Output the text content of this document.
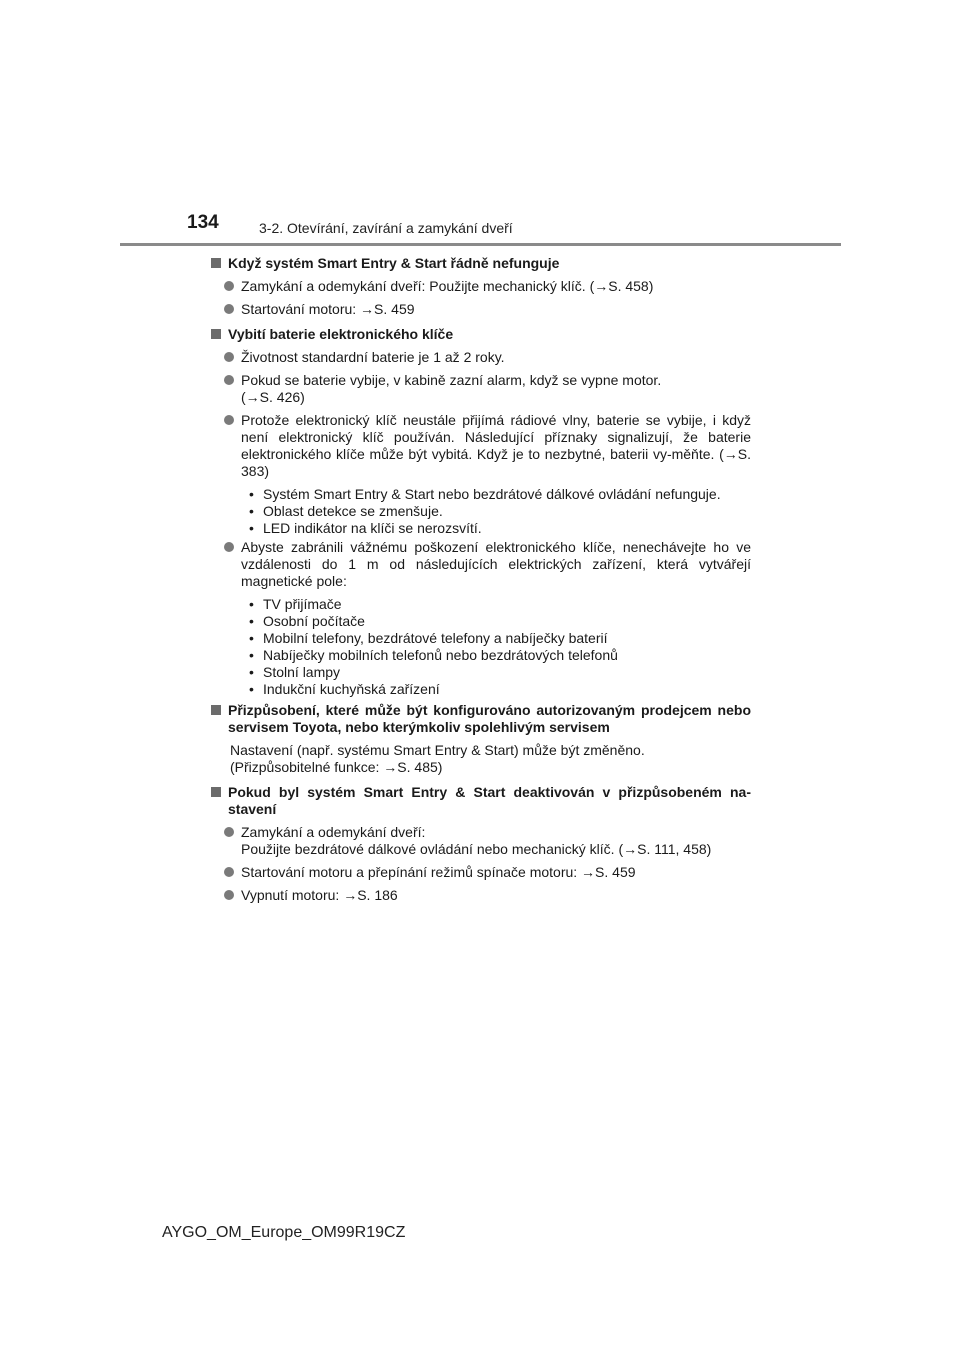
134	3-2. Otevírání, zavírání a zamykání dveří
Když systém Smart Entry & Start řádně nefunguje
Zamykání a odemykání dveří: Použijte mechanický klíč. (→S. 458)
Startování motoru: →S. 459
Vybití baterie elektronického klíče
Životnost standardní baterie je 1 až 2 roky.
Pokud se baterie vybije, v kabině zazní alarm, když se vypne motor.
(→S. 426)
Protože elektronický klíč neustále přijímá rádiové vlny, baterie se vybije, i když není elektronický klíč používán. Následující příznaky signalizují, že baterie elektronického klíče může být vybitá. Když je to nezbytné, baterii vy-měňte. (→S. 383)
• Systém Smart Entry & Start nebo bezdrátové dálkové ovládání nefunguje.
• Oblast detekce se zmenšuje.
• LED indikátor na klíči se nerozsvítí.
Abyste zabránili vážnému poškození elektronického klíče, nenechávejte ho ve vzdálenosti do 1 m od následujících elektrických zařízení, která vytvářejí magnetické pole:
• TV přijímače
• Osobní počítače
• Mobilní telefony, bezdrátové telefony a nabíječky baterií
• Nabíječky mobilních telefonů nebo bezdrátových telefonů
• Stolní lampy
• Indukční kuchyňská zařízení
Přizpůsobení, které může být konfigurováno autorizovaným prodejcem nebo servisem Toyota, nebo kterýmkoliv spolehlivým servisem
Nastavení (např. systému Smart Entry & Start) může být změněno.
(Přizpůsobitelné funkce: →S. 485)
Pokud byl systém Smart Entry & Start deaktivován v přizpůsobeném na-stavení
Zamykání a odemykání dveří:
Použijte bezdrátové dálkové ovládání nebo mechanický klíč. (→S. 111, 458)
Startování motoru a přepínání režimů spínače motoru: →S. 459
Vypnutí motoru: →S. 186
AYGO_OM_Europe_OM99R19CZ
